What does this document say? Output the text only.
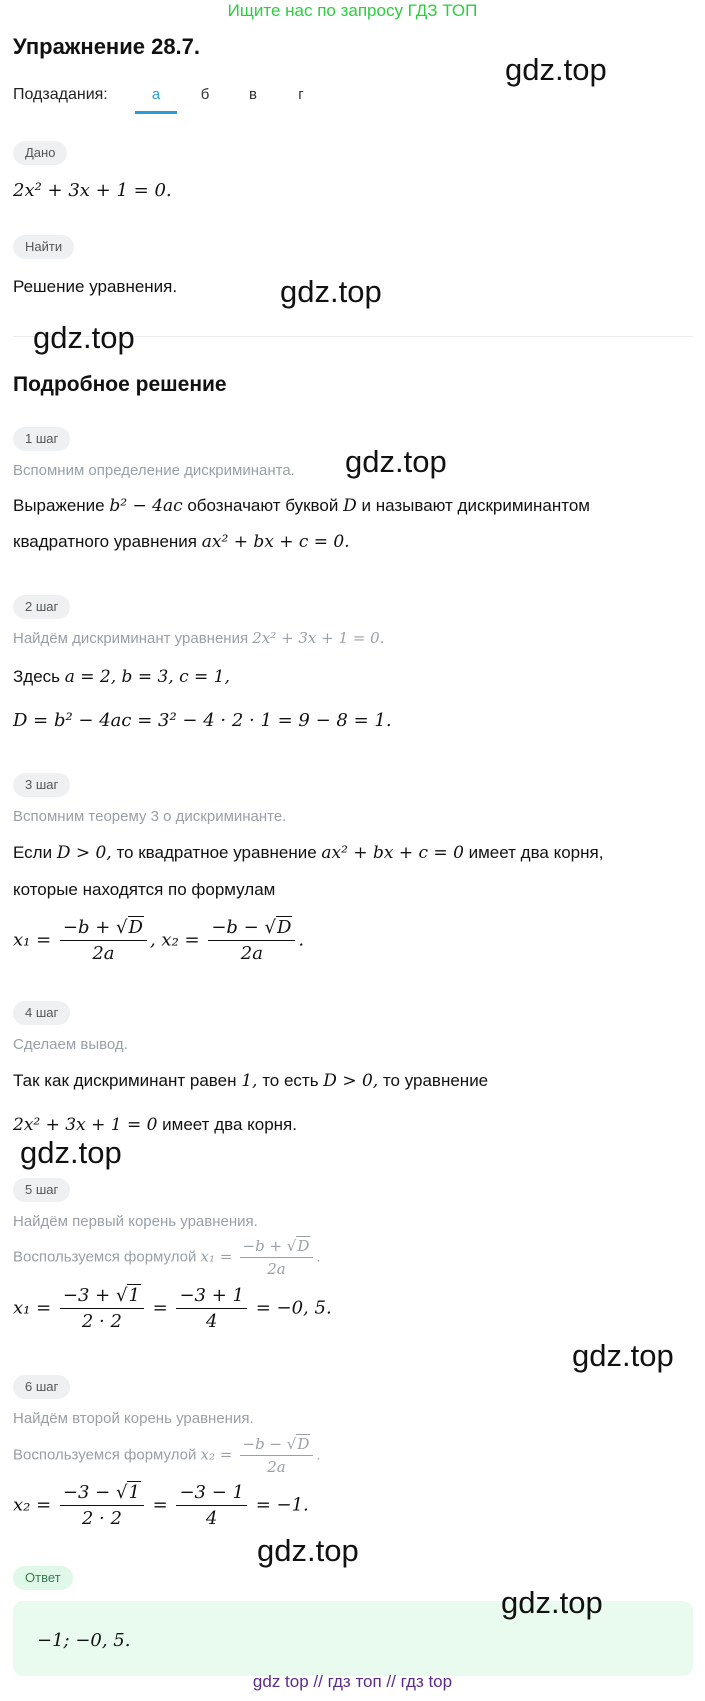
Ищите нас по запросу ГДЗ ТОП
Упражнение 28.7.
Подзадания:	а	б	в	г
Дано
2x² + 3x + 1 = 0.
Найти
Решение уравнения.
Подробное решение
1 шаг
Вспомним определение дискриминанта.
Выражение b² − 4ac обозначают буквой D и называют дискриминантом
квадратного уравнения ax² + bx + c = 0.
2 шаг
Найдём дискриминант уравнения 2x² + 3x + 1 = 0.
Здесь a = 2, b = 3, c = 1,
D = b² − 4ac = 3² − 4 · 2 · 1 = 9 − 8 = 1.
3 шаг
Вспомним теорему 3 о дискриминанте.
Если D > 0, то квадратное уравнение ax² + bx + c = 0 имеет два корня,
которые находятся по формулам
$x_1 = \frac{-b + √D}{2a}$ , $x_2 = \frac{-b - √D}{2a}$ .
4 шаг
Сделаем вывод.
Так как дискриминант равен 1, то есть D > 0, то уравнение
2x² + 3x + 1 = 0 имеет два корня.
5 шаг
Найдём первый корень уравнения.
Воспользуемся формулой $x_1 = \frac{-b + √D}{2a}$ .
$x_1 = \frac{-3 + √1}{2 \cdot 2} = \frac{-3 + 1}{4} = -0$, 5.
6 шаг
Найдём второй корень уравнения.
Воспользуемся формулой $x_2 = \frac{-b - √D}{2a}$ .
$x_2 = \frac{-3 - √1}{2 \cdot 2} = \frac{-3 - 1}{4} = -1$.
Ответ
−1; −0, 5.
gdz.top
gdz.top
gdz.top
gdz.top
gdz.top
gdz.top
gdz.top
gdz.top
gdz top // гдз топ // гдз top
